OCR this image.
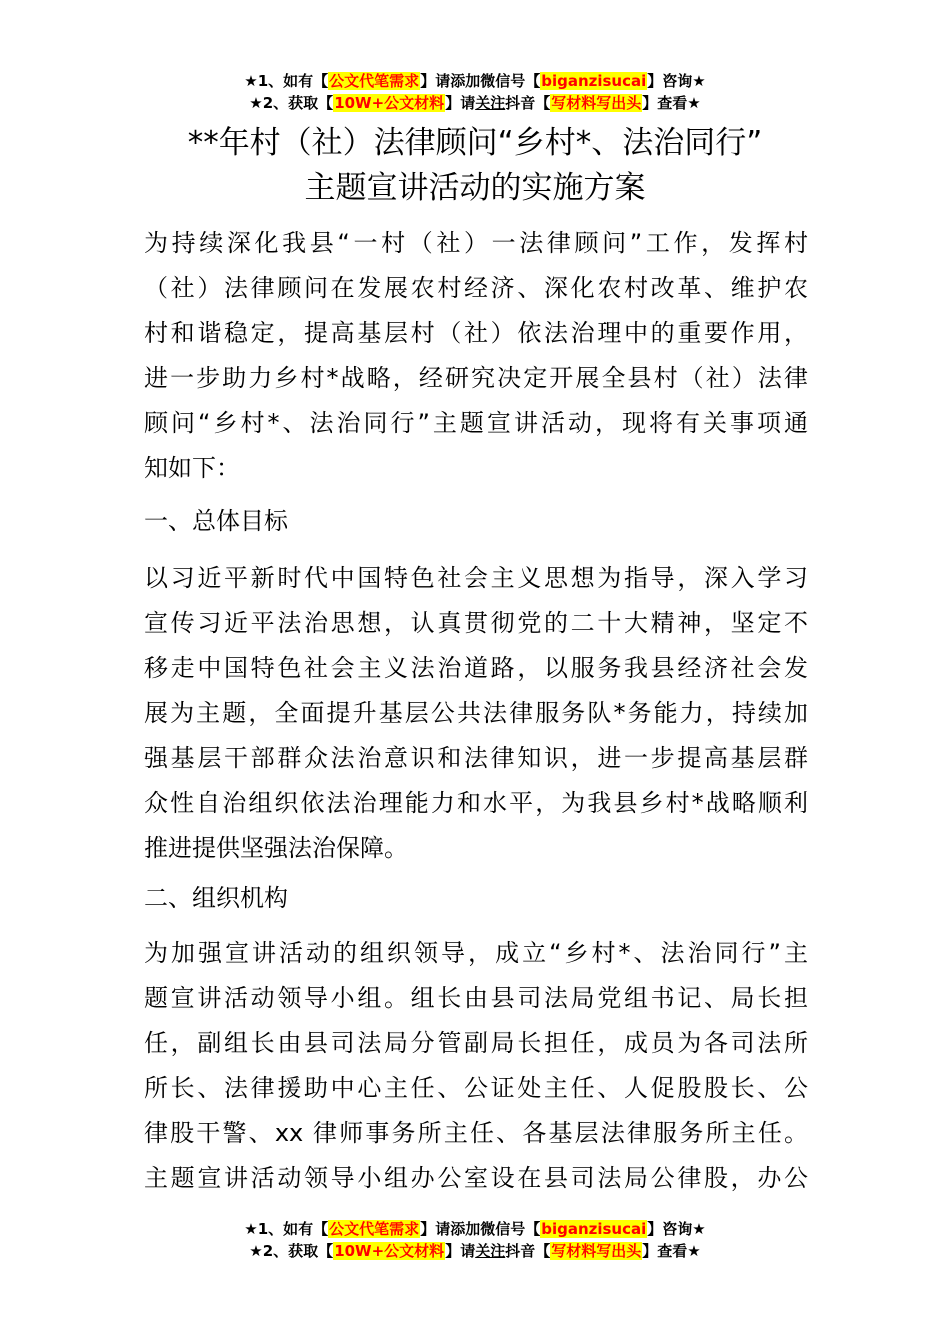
★1、如有【公文代笔需求】请添加微信号【biganzisucai】咨询★
★2、获取【10W+公文材料】请关注抖音【写材料写出头】查看★
**年村（社）法律顾问“乡村*、法治同行”
主题宣讲活动的实施方案
为持续深化我县“一村（社）一法律顾问”工作，发挥村
（社）法律顾问在发展农村经济、深化农村改革、维护农
村和谐稳定，提高基层村（社）依法治理中的重要作用，
进一步助力乡村*战略，经研究决定开展全县村（社）法律
顾问“乡村*、法治同行”主题宣讲活动，现将有关事项通
知如下：
一、总体目标
以习近平新时代中国特色社会主义思想为指导，深入学习
宣传习近平法治思想，认真贯彻党的二十大精神，坚定不
移走中国特色社会主义法治道路，以服务我县经济社会发
展为主题，全面提升基层公共法律服务队*务能力，持续加
强基层干部群众法治意识和法律知识，进一步提高基层群
众性自治组织依法治理能力和水平，为我县乡村*战略顺利
推进提供坚强法治保障。
二、组织机构
为加强宣讲活动的组织领导，成立“乡村*、法治同行”主
题宣讲活动领导小组。组长由县司法局党组书记、局长担
任，副组长由县司法局分管副局长担任，成员为各司法所
所长、法律援助中心主任、公证处主任、人促股股长、公
律股干警、xx 律师事务所主任、各基层法律服务所主任。
主题宣讲活动领导小组办公室设在县司法局公律股，办公
★1、如有【公文代笔需求】请添加微信号【biganzisucai】咨询★
★2、获取【10W+公文材料】请关注抖音【写材料写出头】查看★
